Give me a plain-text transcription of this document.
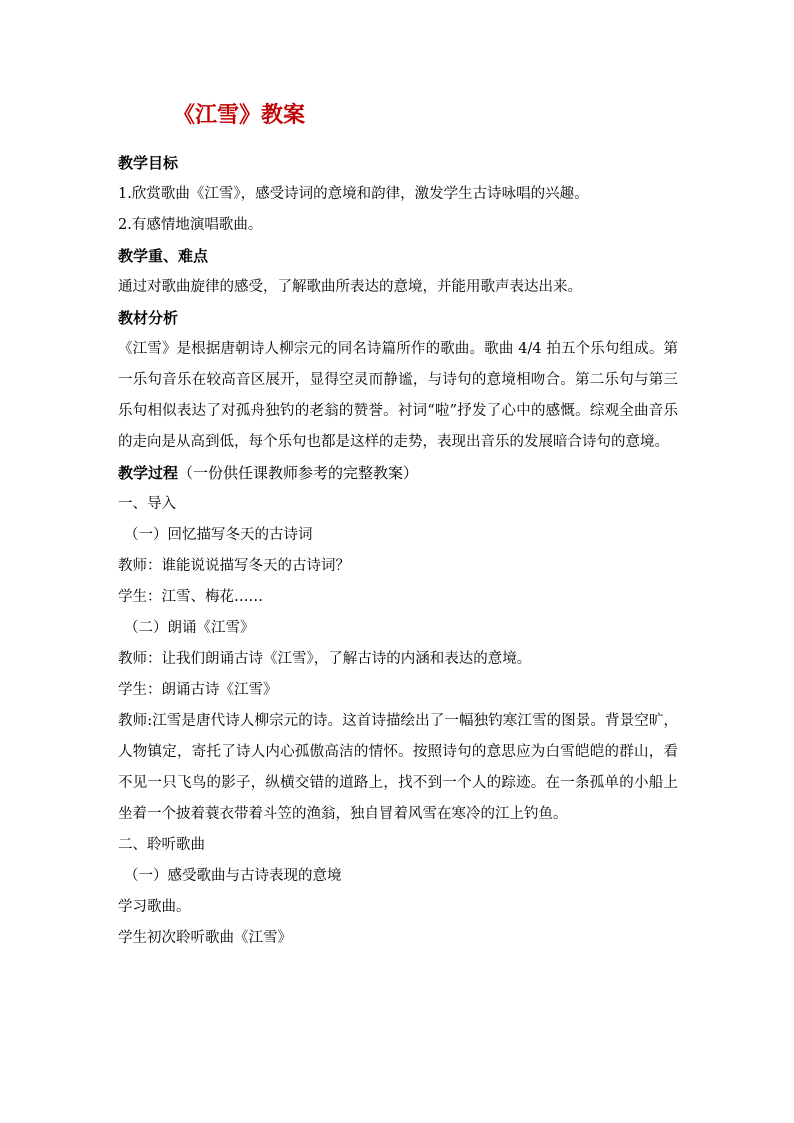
《江雪》教案

教学目标

1.欣赏歌曲《江雪》，感受诗词的意境和韵律，激发学生古诗咏唱的兴趣。

2.有感情地演唱歌曲。

教学重、难点

通过对歌曲旋律的感受，了解歌曲所表达的意境，并能用歌声表达出来。

教材分析

《江雪》是根据唐朝诗人柳宗元的同名诗篇所作的歌曲。歌曲 4/4 拍五个乐句组成。第一乐句音乐在较高音区展开，显得空灵而静谧，与诗句的意境相吻合。第二乐句与第三乐句相似表达了对孤舟独钓的老翁的赞誉。衬词“啦”抒发了心中的感慨。综观全曲音乐的走向是从高到低，每个乐句也都是这样的走势，表现出音乐的发展暗合诗句的意境。

教学过程（一份供任课教师参考的完整教案）

一、导入

（一）回忆描写冬天的古诗词

教师：谁能说说描写冬天的古诗词？

学生：江雪、梅花……

（二）朗诵《江雪》

教师：让我们朗诵古诗《江雪》，了解古诗的内涵和表达的意境。

学生：朗诵古诗《江雪》

教师:江雪是唐代诗人柳宗元的诗。这首诗描绘出了一幅独钓寒江雪的图景。背景空旷，人物镇定，寄托了诗人内心孤傲高洁的情怀。按照诗句的意思应为白雪皑皑的群山，看不见一只飞鸟的影子，纵横交错的道路上，找不到一个人的踪迹。在一条孤单的小船上坐着一个披着蓑衣带着斗笠的渔翁，独自冒着风雪在寒冷的江上钓鱼。

二、聆听歌曲

（一）感受歌曲与古诗表现的意境

学习歌曲。

学生初次聆听歌曲《江雪》
